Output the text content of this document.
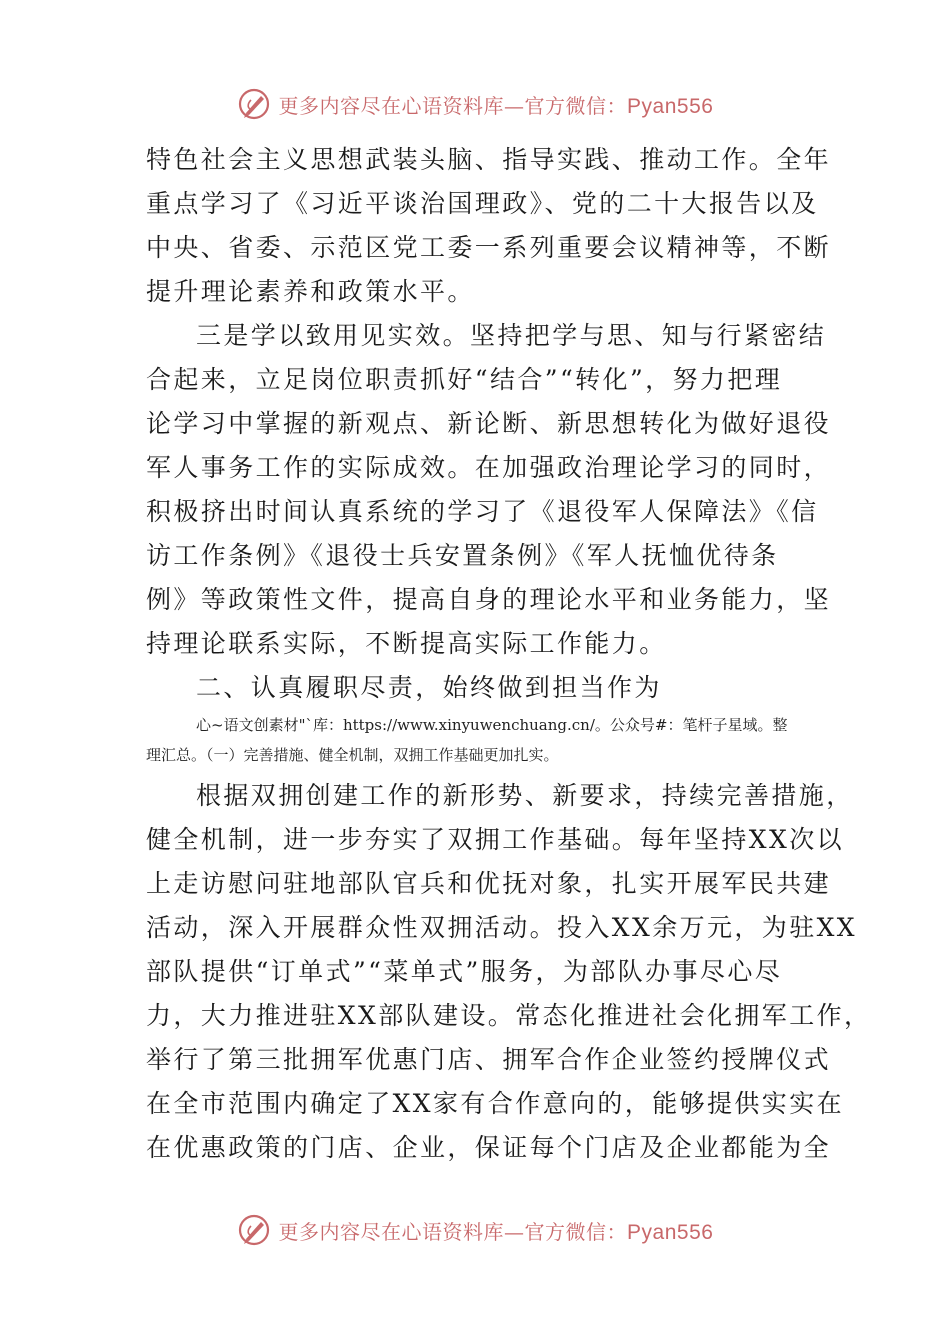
更多内容尽在心语资料库—官方微信：Pyan556
特色社会主义思想武装头脑、指导实践、推动工作。全年
重点学习了《习近平谈治国理政》、党的二十大报告以及
中央、省委、示范区党工委一系列重要会议精神等，不断
提升理论素养和政策水平。
三是学以致用见实效。坚持把学与思、知与行紧密结
合起来，立足岗位职责抓好“结合”“转化”，努力把理
论学习中掌握的新观点、新论断、新思想转化为做好退役
军人事务工作的实际成效。在加强政治理论学习的同时，
积极挤出时间认真系统的学习了《退役军人保障法》《信
访工作条例》《退役士兵安置条例》《军人抚恤优待条
例》等政策性文件，提高自身的理论水平和业务能力，坚
持理论联系实际，不断提高实际工作能力。
二、认真履职尽责，始终做到担当作为
心~语文创素材"`库：https://www.xinyuwenchuang.cn/。公众号#：笔杆子星域。整
理汇总。（一）完善措施、健全机制，双拥工作基础更加扎实。
根据双拥创建工作的新形势、新要求，持续完善措施，
健全机制，进一步夯实了双拥工作基础。每年坚持XX次以
上走访慰问驻地部队官兵和优抚对象，扎实开展军民共建
活动，深入开展群众性双拥活动。投入XX余万元，为驻XX
部队提供“订单式”“菜单式”服务，为部队办事尽心尽
力，大力推进驻XX部队建设。常态化推进社会化拥军工作，
举行了第三批拥军优惠门店、拥军合作企业签约授牌仪式
在全市范围内确定了XX家有合作意向的，能够提供实实在
在优惠政策的门店、企业，保证每个门店及企业都能为全
更多内容尽在心语资料库—官方微信：Pyan556
